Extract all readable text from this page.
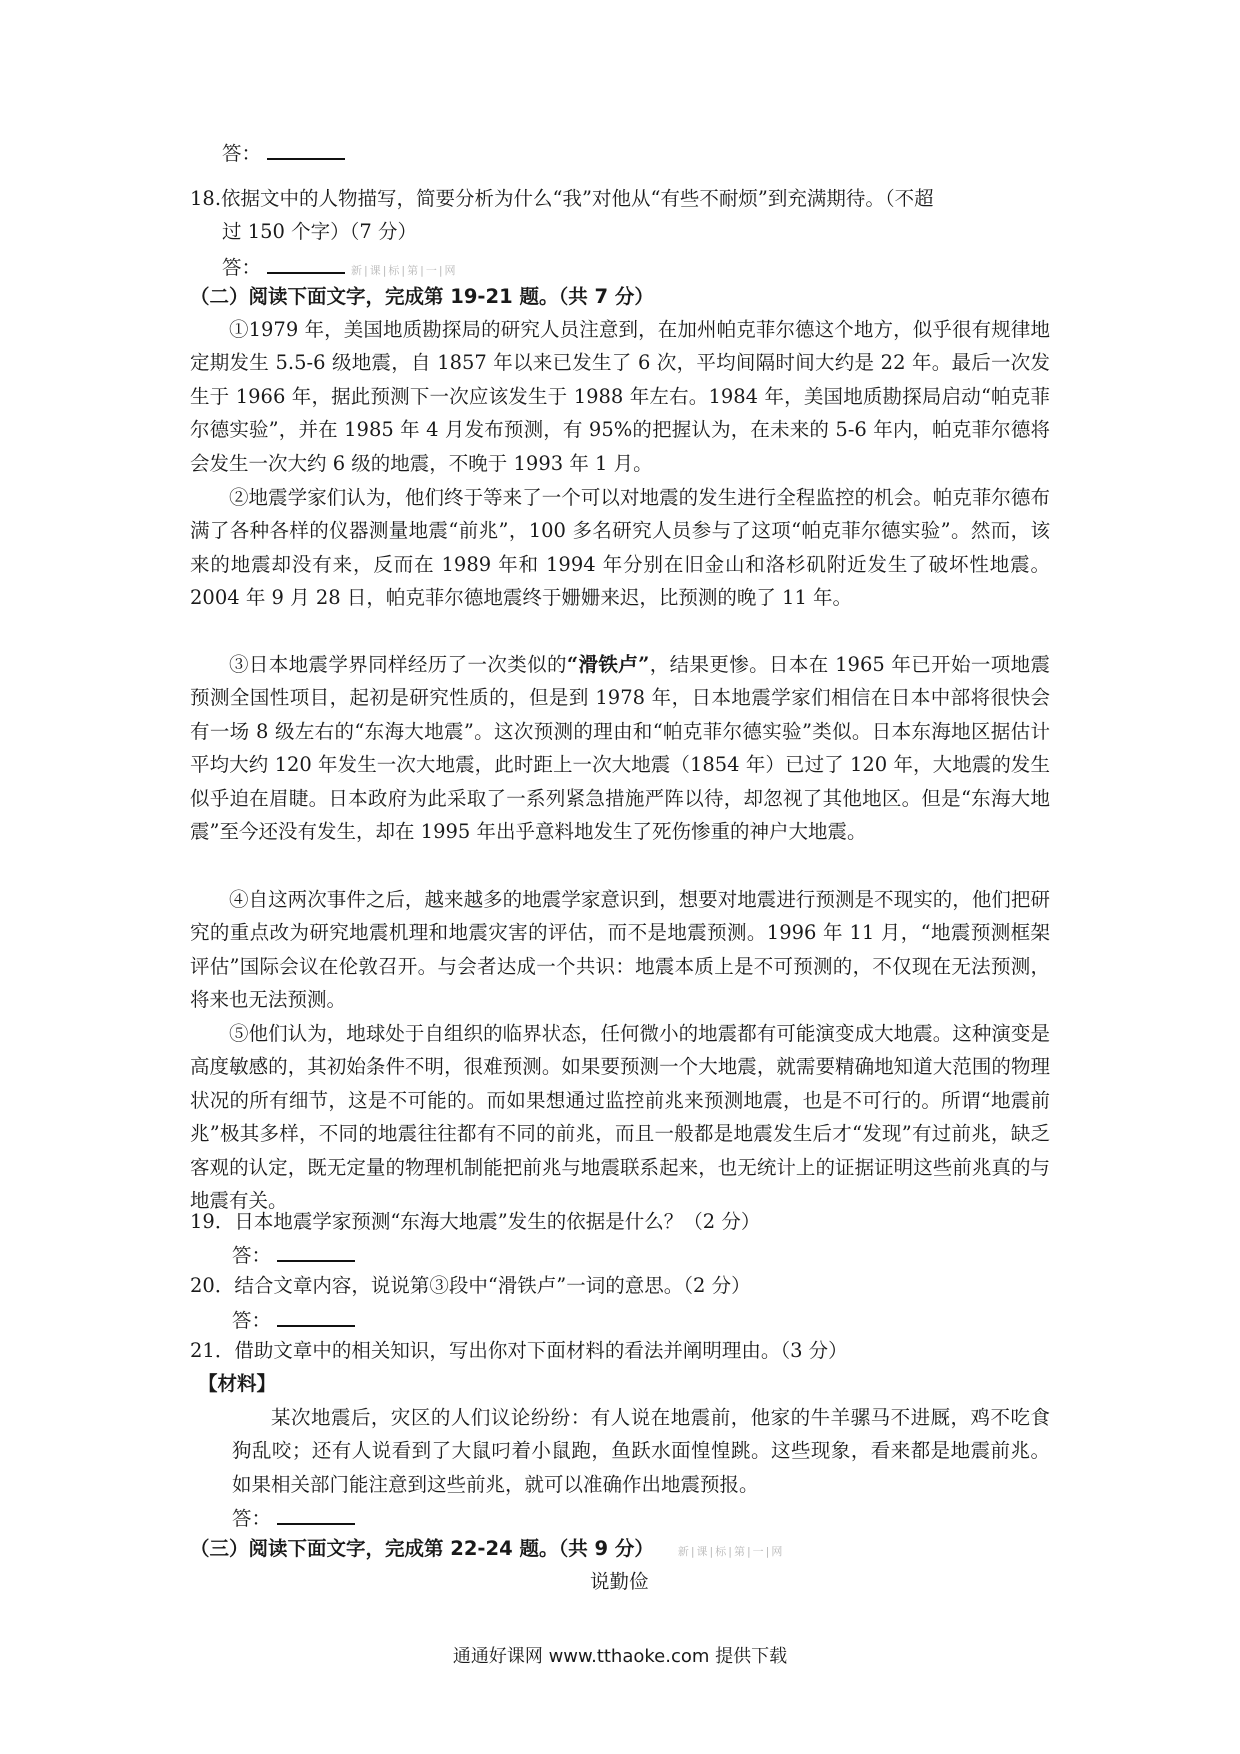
答：
18.依据文中的人物描写，简要分析为什么“我”对他从“有些不耐烦”到充满期待。（不超
过 150 个字）（7 分）
答：	新|课|标|第|一|网
（二）阅读下面文字，完成第 19-21 题。（共 7 分）
①1979 年，美国地质勘探局的研究人员注意到，在加州帕克菲尔德这个地方，似乎很有规律地定期发生 5.5-6 级地震，自 1857 年以来已发生了 6 次，平均间隔时间大约是 22 年。最后一次发生于 1966 年，据此预测下一次应该发生于 1988 年左右。1984 年，美国地质勘探局启动“帕克菲尔德实验”，并在 1985 年 4 月发布预测，有 95%的把握认为，在未来的 5-6 年内，帕克菲尔德将会发生一次大约 6 级的地震，不晚于 1993 年 1 月。
②地震学家们认为，他们终于等来了一个可以对地震的发生进行全程监控的机会。帕克菲尔德布满了各种各样的仪器测量地震“前兆”，100 多名研究人员参与了这项“帕克菲尔德实验”。然而，该来的地震却没有来，反而在 1989 年和 1994 年分别在旧金山和洛杉矶附近发生了破坏性地震。2004 年 9 月 28 日，帕克菲尔德地震终于姗姗来迟，比预测的晚了 11 年。
③日本地震学界同样经历了一次类似的“滑铁卢”，结果更惨。日本在 1965 年已开始一项地震预测全国性项目，起初是研究性质的，但是到 1978 年，日本地震学家们相信在日本中部将很快会有一场 8 级左右的“东海大地震”。这次预测的理由和“帕克菲尔德实验”类似。日本东海地区据估计平均大约 120 年发生一次大地震，此时距上一次大地震（1854 年）已过了 120 年，大地震的发生似乎迫在眉睫。日本政府为此采取了一系列紧急措施严阵以待，却忽视了其他地区。但是“东海大地震”至今还没有发生，却在 1995 年出乎意料地发生了死伤惨重的神户大地震。
④自这两次事件之后，越来越多的地震学家意识到，想要对地震进行预测是不现实的，他们把研究的重点改为研究地震机理和地震灾害的评估，而不是地震预测。1996 年 11 月，“地震预测框架评估”国际会议在伦敦召开。与会者达成一个共识：地震本质上是不可预测的，不仅现在无法预测，将来也无法预测。
⑤他们认为，地球处于自组织的临界状态，任何微小的地震都有可能演变成大地震。这种演变是高度敏感的，其初始条件不明，很难预测。如果要预测一个大地震，就需要精确地知道大范围的物理状况的所有细节，这是不可能的。而如果想通过监控前兆来预测地震，也是不可行的。所谓“地震前兆”极其多样，不同的地震往往都有不同的前兆，而且一般都是地震发生后才“发现”有过前兆，缺乏客观的认定，既无定量的物理机制能把前兆与地震联系起来，也无统计上的证据证明这些前兆真的与地震有关。
19．日本地震学家预测“东海大地震”发生的依据是什么？（2 分）
答：
20．结合文章内容，说说第③段中“滑铁卢”一词的意思。（2 分）
答：
21．借助文章中的相关知识，写出你对下面材料的看法并阐明理由。（3 分）
【材料】
某次地震后，灾区的人们议论纷纷：有人说在地震前，他家的牛羊骡马不进厩，鸡不吃食狗乱咬；还有人说看到了大鼠叼着小鼠跑，鱼跃水面惶惶跳。这些现象，看来都是地震前兆。如果相关部门能注意到这些前兆，就可以准确作出地震预报。
答：
（三）阅读下面文字，完成第 22-24 题。（共 9 分） 新|课|标|第|一|网
说勤俭
通通好课网 www.tthaoke.com 提供下载
